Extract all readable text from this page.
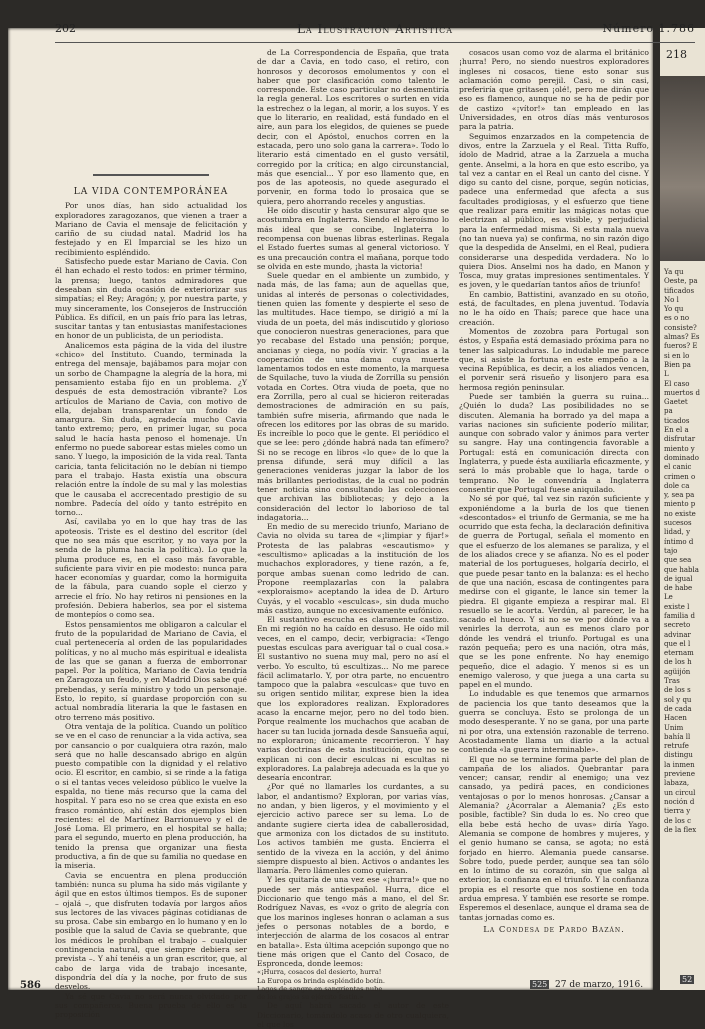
218
Ya qu
Oeste, pa
tificados
No l
Yo qu
es o no
consiste?
almas? Es
fueros? E
si en lo
Bien pa
L
El caso
muertos d
Gaetet
pa
ticados
En el a
disfrutar
miento y
dominado
el canic
crimen o
dole ca
y, sea pa
miento p
no existe
sucesos
lidad, y
íntimo d
tajo
que sea
que habla
de igual
de habe
Le
existe l
familia d
secreto
advinar
que el l
eternam
de los h
agüijón
Tras
de los s
sol y qu
de cada
Hacen
Unim
bahía ll
retrufe
distingu
la inmen
previene
labaza,
un circul
noción d
tierra y
de los c
de la flex
52
202	La Ilustración Artística	Número 1.786
LA VIDA CONTEMPORÁNEA

Por unos días, han sido actualidad los exploradores zaragozanos, que vienen a traer a Mariano de Cavia el mensaje de felicitación y cariño de su ciudad natal. Madrid los ha festejado y en El Imparcial se les hizo un recibimiento espléndido.

Satisfecho puede estar Mariano de Cavia. Con él han echado el resto todos: en primer término, la prensa; luego, tantos admiradores que deseaban sin duda ocasión de exteriorizar sus simpatías; el Rey; Aragón; y, por nuestra parte, y muy sinceramente, los Consejeros de Instrucción Pública. Es difícil, en un país frío para las letras, suscitar tantas y tan entusiastas manifestaciones en honor de un publicista, de un periodista.

Analicemos esta página de la vida del ilustre «chico» del Instituto. Cuando, terminada la entrega del mensaje, bajábamos para mojar con un sorbo de Champagne la alegría de la hora, mi pensamiento estaba fijo en un problema. ¿Y después de esta demostración vibrante? Los artículos de Mariano de Cavia, con motivo de ella, dejaban transparentar un fondo de amargura. Sin duda, agradecía mucho Cavia tanto extremo; pero, en primer lugar, su poca salud le hacía hasta penoso el homenaje. Un enfermo no puede saborear estas mieles como un sano. Y luego, la imposición de la vida real. Tanta caricia, tanta felicitación no le debían ni tiempo para el trabajo. Hasta existía una obscura relación entre la índole de su mal y las molestias que le causaba el accrecentado prestigio de su nombre. Padecía del oído y tanto estrépito en torno...

Así, cavilaba yo en lo que hay tras de las apoteosis. Triste es el destino del escritor (del que no sea más que escritor, y no vaya por la senda de la pluma hacia la política). Lo que la pluma produce es, en el caso más favorable, suficiente para vivir en pie modesto: nunca para hacer economías y guardar, como la hormiguita de la fábula, para cuando sople el cierzo y arrecie el frío. No hay retiros ni pensiones en la profesión. Debiera haberlos, sea por el sistema de montepíos o como sea.

Estos pensamientos me obligaron a calcular el fruto de la popularidad de Mariano de Cavia, el cual pertenecería al orden de las popularidades políticas, y no al mucho más espiritual e idealista de las que se ganan a fuerza de emborronar papel. Por la política, Mariano de Cavia tendría en Zaragoza un feudo, y en Madrid Dios sabe qué prebendas, y sería ministro y todo un personaje. Esto, lo repito, sí guardase proporción con su actual nombradía literaria la que le fastasen en otro terreno más positivo.

Otra ventaja de la política. Cuando un político se ve en el caso de renunciar a la vida activa, sea por cansancio o por cualquiera otra razón, malo será que no halle descansado abrigo en algún puesto compatible con la dignidad y el relativo ocio. El escritor, en cambio, si se rinde a la fatiga o si el tantas veces veleidoso público le vuelve la espalda, no tiene más recurso que la cama del hospital. Y para eso no se crea que exista en eso frasco romántico, ahí están dos ejemplos bien recientes: el de Martínez Barrionuevo y el de José Loma. El primero, en el hospital se halla; para el segundo, muerto en plena producción, ha tenido la prensa que organizar una fiesta productiva, a fin de que su familia no quedase en la miseria.

Cavia se encuentra en plena producción también: nunca su pluma ha sido más vigilante y ágil que en estos últimos tiempos. Es de suponer – ojalá –, que disfruten todavía por largos años sus lectores de las vivaces páginas cotidianas de su prosa. Cabe sin embargo en lo humano y en lo posible que la salud de Cavia se quebrante, que los médicos le prohíban el trabajo – cualquier contingencia natural, que siempre debiera ser prevista –. Y ahí tenéis a un gran escritor, que, al cabo de larga vida de trabajo incesante, dispondría del día y la noche, por fruto de sus desvelos.

Ya sé que Cavia no será nunca olvidado por sus compañeros. Buena prueba de ello es la proposición

de La Correspondencia de España, que trata de dar a Cavia, en todo caso, el retiro, con honrosos y decorosos emolumentos y con el haber que por clasificación como talento le corresponde. Este caso particular no desmentiría la regla general. Los escritores o surten en vida la estrechez o la legan, al morir, a los suyos. Y es que lo literario, en realidad, está fundado en el aire, aun para los elegidos, de quienes se puede decir, con el Apóstol, enuchos corren en la estacada, pero uno solo gana la carrera». Todo lo literario está cimentado en el gusto versátil, corregido por la crítica; en algo circunstancial, más que esencial... Y por eso llamento que, en pos de las apoteosis, no quede asegurado el porvenir, en forma todo lo prosaica que se quiera, pero ahorrando receles y angustias.

He oído discutir y hasta censurar algo que se acostumbra en Inglaterra. Siendo el heroísmo lo más ideal que se concibe, Inglaterra lo recompensa con buenas libras esterlinas. Regala el Estado fuertes sumas al general victorioso. Y es una precaución contra el mañana, porque todo se olvida en este mundo, ¡hasta la victoria!

Suele quedar en el ambiente un zumbido, y nada más, de las fama; aun de aquellas que, unidas al interés de personas o colectividades, tienen quien las fomente y despierte el seso de las multitudes. Hace tiempo, se dirigió a mí la viuda de un poeta, del más indiscutido y glorioso que conocieron nuestras generaciones, para que yo recabase del Estado una pensión; porque, ancianas y ciega, no podía vivir. Y gracias a la cooperación de una dama cuya muerte lamentamos todos en este momento, la marquesa de Squilache, tuvo la viuda de Zorrilla su pensión votada en Cortes. Otra viuda de poeta, que no era Zorrilla, pero al cual se hicieron reiteradas demostraciones de admiración en su país, también sufre miseria, afirmando que nada le ofrecen los editores por las obras de su marido. Es increíble lo poco que le gente. El periódico el que se lee: pero ¿dónde habrá nada tan efímero? Si no se recoge en libros «lo que» de lo que la prensa difunde, será muy difícil a las generaciones venideras juzgar la labor de los más brillantes periodistas, de la cual no podrán tener noticia sino consultando las colecciones que archivan las bibliotecas; y dejo a la consideración del lector lo laborioso de tal indagatoria...

En medio de su merecido triunfo, Mariano de Cavia no olvida su tarea de «¡limpiar y fijar!» Protesta de las palabras «escautismo» y «escultismo» aplicadas a la institución de los muchachos exploradores, y tiene razón, a fe, porque ambas suenan como ledrido de can. Propone reemplazarlas con la palabra «exploraismo» aceptando la idea de D. Arturo Cuyás, y el vocablo «esculcas», sin duda mucho más castizo, aunque no excesivamente eufónico.

El sustantivo escucha es claramente castizo. En mi región no ha caído en desuso. He oído mil veces, en el campo, decir, verbigracia: «Tengo puestas esculcas para averiguar tal o cual cosa.» El sustantivo no suena muy mal, pero no así el verbo. Yo esculto, tú escultizas... No me parece fácil aclimatarlo. Y, por otra parte, no encuentro tampoco que la palabra «esculcas» que tuvo en su origen sentido militar, exprese bien la idea que los exploradores realizan. Exploradores acaso la encarne mejor, pero no del todo bien. Porque realmente los muchachos que acaban de hacer su tan lucida jornada desde Sansueña aquí, no exploraron; únicamente recorrieron. Y hay varias doctrinas de esta institución, que no se explican ni con decir esculcas ni escultas ni exploradores. La palabreja adecuada es la que yo desearía encontrar.

¿Por qué no llamarles los curdantes, a su labor, el andantismo? Exploran, por varias vías, no andan, y bien ligeros, y el movimiento y el ejercicio activo parece ser su lema. Lo de andante sugiere cierta idea de caballerosidad, que armoniza con los dictados de su instituto. Los activos también me gusta. Encierra el sentido de la viveza en la acción, y del ánimo siempre dispuesto al bien. Activos o andantes les llamaría. Pero llámenles como quieran.

Y les quitaría de una vez ese «¡hurra!» que no puede ser más antiespañol. Hurra, dice el Diccionario que tengo más a mano, el del Sr. Rodríguez Navas, es «voz o grito de alegría con que los marinos ingleses honran o aclaman a sus jefes o personas notables de a bordo, e interjección de alarma de los cosacos al entrar en batalla». Esta última acepción supongo que no tiene más origen que el Canto del Cosaco, de Espronceda, donde leemos:

«¡Hurra, cosacos del desierto, hurra!

La Europa os brinda espléndido botín.

Lagos de sangre en sangrientas nube

de los grajos su ejército festín.»

De aquí habrá sacado el autor de este Diccionario, tomándolo acaso de otro cualquiera, el que los

cosacos usan como voz de alarma el británico ¡hurra! Pero, no siendo nuestros exploradores ingleses ni cosacos, tiene esto sonar sus aclamación como perejil. Casi, o sin casi, preferiría que gritasen ¡olé!, pero me dirán que eso es flamenco, aunque no se ha de pedir por de castizo «¡vítor!» tan empleado en las Universidades, en otros días más venturosos para la patria.

Seguimos enzarzados en la competencia de divos, entre la Zarzuela y el Real. Titta Ruffo, ídolo de Madrid, atrae a la Zarzuela a mucha gente. Anselmi, a la hora en que esto escribo, ya tal vez a cantar en el Real un canto del cisne. Y digo su canto del cisne, porque, según noticias, padece una enfermedad que afecta a sus facultades prodigiosas, y el esfuerzo que tiene que realizar para emitir las mágicas notas que electrizan al público, es visible, y perjudicial para la enfermedad misma. Si esta mala nueva (no tan nueva ya) se confirma, no sin razón digo que la despedida de Anselmi, en el Real, pudiera considerarse una despedida verdadera. No lo quiera Dios. Anselmi nos ha dado, en Manon y Tosca, muy gratas impresiones sentimentales. Y es joven, y le quedarían tantos años de triunfo!

En cambio, Battistini, avanzado en su otoño, está, de facultades, en plena juventud. Todavía no le ha oído en Thaís; parece que hace una creación.

Momentos de zozobra para Portugal son éstos, y España está demasiado próxima para no tener las salpicaduras. Lo indudable me parece que, si asiste la fortuna en este empeño a la vecina República, es decir, a los aliados vencen, el porvenir será risueño y lisonjero para esa hermosa región peninsular.

Puede ser también la guerra su ruina... ¿Quién lo duda? Las posibilidades no se discuten. Alemania ha borrado ya del mapa a varias naciones sin suficiente poderío militar, aunque con sobrado valor y ánimos para verter su sangre. Hay una contingencia favorable a Portugal: está en comunicación directa con Inglaterra, y puede ésta auxiliarla eficazmente, y será lo más probable que lo haga, tarde o temprano. No le convendría a Inglaterra consentir que Portugal fuese aniquilado.

No sé por qué, tal vez sin razón suficiente y exponiéndome a la burla de los que tienen «descontados» el triunfo de Germania, se me ha ocurrido que esta fecha, la declaración definitiva de guerra de Portugal, señala el momento en que el esfuerzo de los alemanes se paraliza, y el de los aliados crece y se afianza. No es el poder material de los portugueses, holgaría decirlo, el que puede pesar tanto en la balanza: es el hecho de que una nación, escasa de contingentes para medirse con el gigante, le lance sin temer la piedra. El gigante empieza a respirar mal. El resuello se le acorta. Verdún, al parecer, le ha sacado el hueco. Y si no se ve por dónde va a venirles la derrota, aun es menos claro por dónde les vendrá el triunfo. Portugal es una razón pequeña; pero es una nación, otra más, que se les pone enfrente. No hay enemigo pequeño, dice el adagio. Y menos si es un enemigo valeroso, y que juega a una carta su papel en el mundo.

Lo indudable es que tenemos que armarnos de paciencia los que tanto deseamos que la guerra se concluya. Esto se prolonga de un modo desesperante. Y no se gana, por una parte ni por otra, una extensión razonable de terreno. Acostadamente llama un diario a la actual contienda «la guerra interminable».

El que no se termine forma parte del plan de campaña de los aliados. Quebrantar para vencer; cansar, rendir al enemigo; una vez cansado, ya pedirá paces, en condiciones ventajosas o por lo menos honrosas. ¿Cansar a Alemania? ¿Acorralar a Alemania? ¿Es esto posible, factible? Sin duda lo es. No creo que ella bebe está hecho de uvas» diría Yago. Alemania se compone de hombres y mujeres, y el genio humano se cansa, se agota; no está forjado en hierro. Alemania puede cansarse. Sobre todo, puede perder, aunque sea tan sólo en lo íntimo de su corazón, sin que salga al exterior, la confianza en el triunfo. Y la confianza propia es el resorte que nos sostiene en toda ardua empresa. Y también ese resorte se rompe. Esperemos el desenlace, aunque el drama sea de tantas jornadas como es.

La Condesa de Pardo Bazán.
586	525 27 de marzo, 1916.
